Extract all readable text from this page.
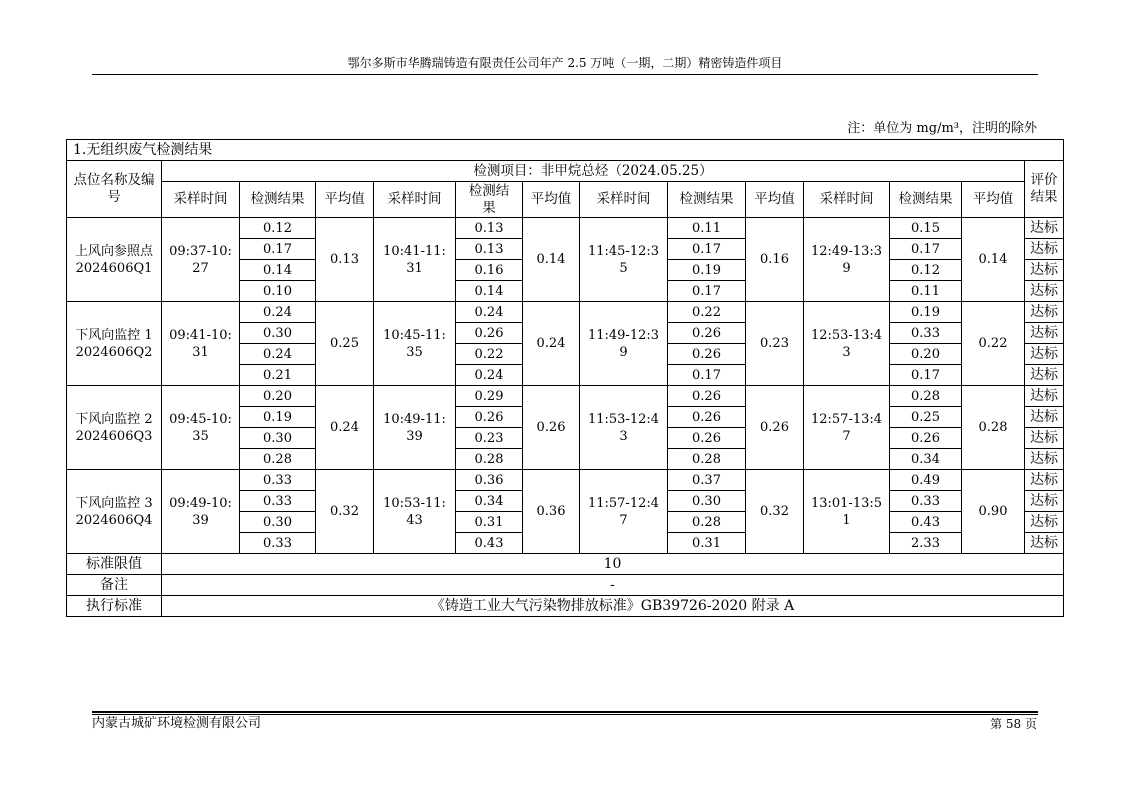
鄂尔多斯市华腾瑞铸造有限责任公司年产 2.5 万吨（一期，二期）精密铸造件项目
注：单位为 mg/m³，注明的除外
1.无组织废气检测结果													
点位名称及编号	检测项目：非甲烷总烃（2024.05.25）												评价结果
	采样时间	检测结果	平均值	采样时间	检测结果	平均值	采样时间	检测结果	平均值	采样时间	检测结果	平均值	
上风向参照点2024606Q1	09:37-10:27	0.12	0.13	10:41-11:31	0.13	0.14	11:45-12:35	0.11	0.16	12:49-13:39	0.15	0.14	达标
		0.17			0.13			0.17			0.17		达标
		0.14			0.16			0.19			0.12		达标
		0.10			0.14			0.17			0.11		达标
下风向监控 1 2024606Q2	09:41-10:31	0.24	0.25	10:45-11:35	0.24	0.24	11:49-12:39	0.22	0.23	12:53-13:43	0.19	0.22	达标
		0.30			0.26			0.26			0.33		达标
		0.24			0.22			0.26			0.20		达标
		0.21			0.24			0.17			0.17		达标
下风向监控 2 2024606Q3	09:45-10:35	0.20	0.24	10:49-11:39	0.29	0.26	11:53-12:43	0.26	0.26	12:57-13:47	0.28	0.28	达标
		0.19			0.26			0.26			0.25		达标
		0.30			0.23			0.26			0.26		达标
		0.28			0.28			0.28			0.34		达标
下风向监控 3 2024606Q4	09:49-10:39	0.33	0.32	10:53-11:43	0.36	0.36	11:57-12:47	0.37	0.32	13:01-13:51	0.49	0.90	达标
		0.33			0.34			0.30			0.33		达标
		0.30			0.31			0.28			0.43		达标
		0.33			0.43			0.31			2.33		达标
标准限值	10												
备注	-												
执行标准	《铸造工业大气污染物排放标准》GB39726-2020 附录 A												
内蒙古城矿环境检测有限公司	第 58 页
